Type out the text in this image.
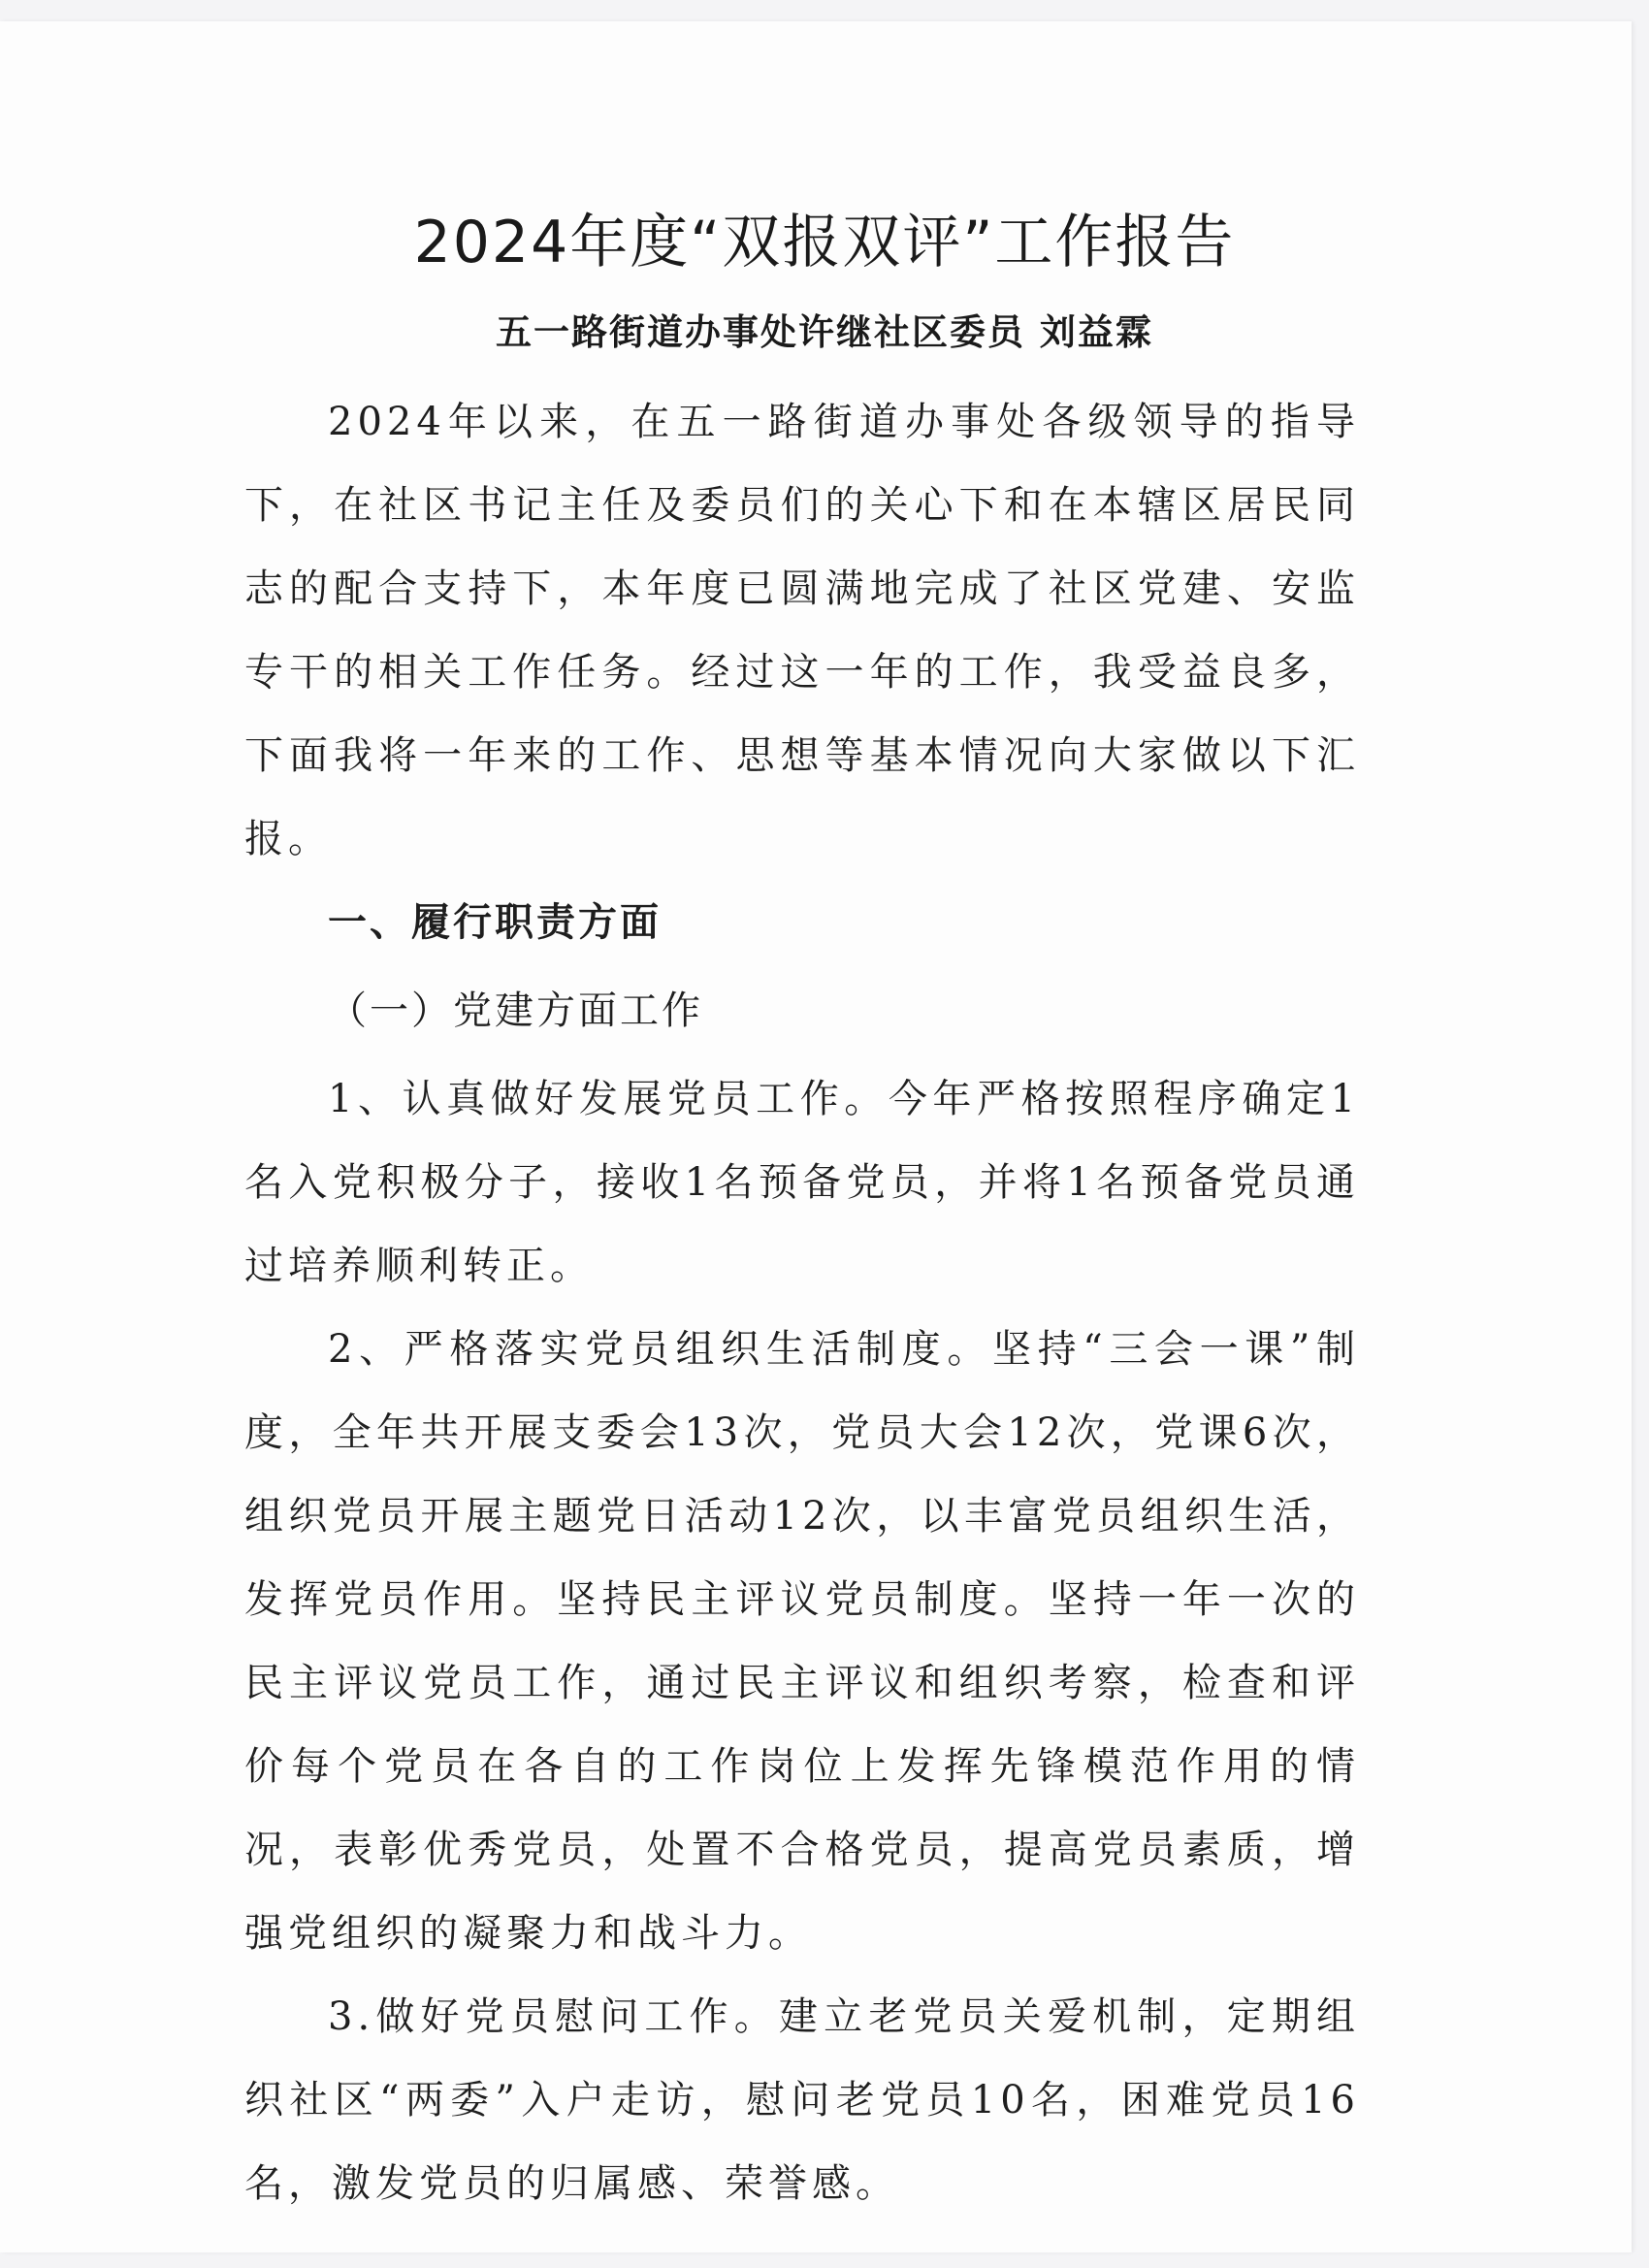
2024年度“双报双评”工作报告
五一路街道办事处许继社区委员 刘益霖

2024年以来，在五一路街道办事处各级领导的指导下，在社区书记主任及委员们的关心下和在本辖区居民同志的配合支持下，本年度已圆满地完成了社区党建、安监专干的相关工作任务。经过这一年的工作，我受益良多，下面我将一年来的工作、思想等基本情况向大家做以下汇报。

一、履行职责方面
（一）党建方面工作

1、认真做好发展党员工作。今年严格按照程序确定1名入党积极分子，接收1名预备党员，并将1名预备党员通过培养顺利转正。

2、严格落实党员组织生活制度。坚持“三会一课”制度，全年共开展支委会13次，党员大会12次，党课6次，组织党员开展主题党日活动12次，以丰富党员组织生活，发挥党员作用。坚持民主评议党员制度。坚持一年一次的民主评议党员工作，通过民主评议和组织考察，检查和评价每个党员在各自的工作岗位上发挥先锋模范作用的情况，表彰优秀党员，处置不合格党员，提高党员素质，增强党组织的凝聚力和战斗力。

3.做好党员慰问工作。建立老党员关爱机制，定期组织社区“两委”入户走访，慰问老党员10名，困难党员16名，激发党员的归属感、荣誉感。
